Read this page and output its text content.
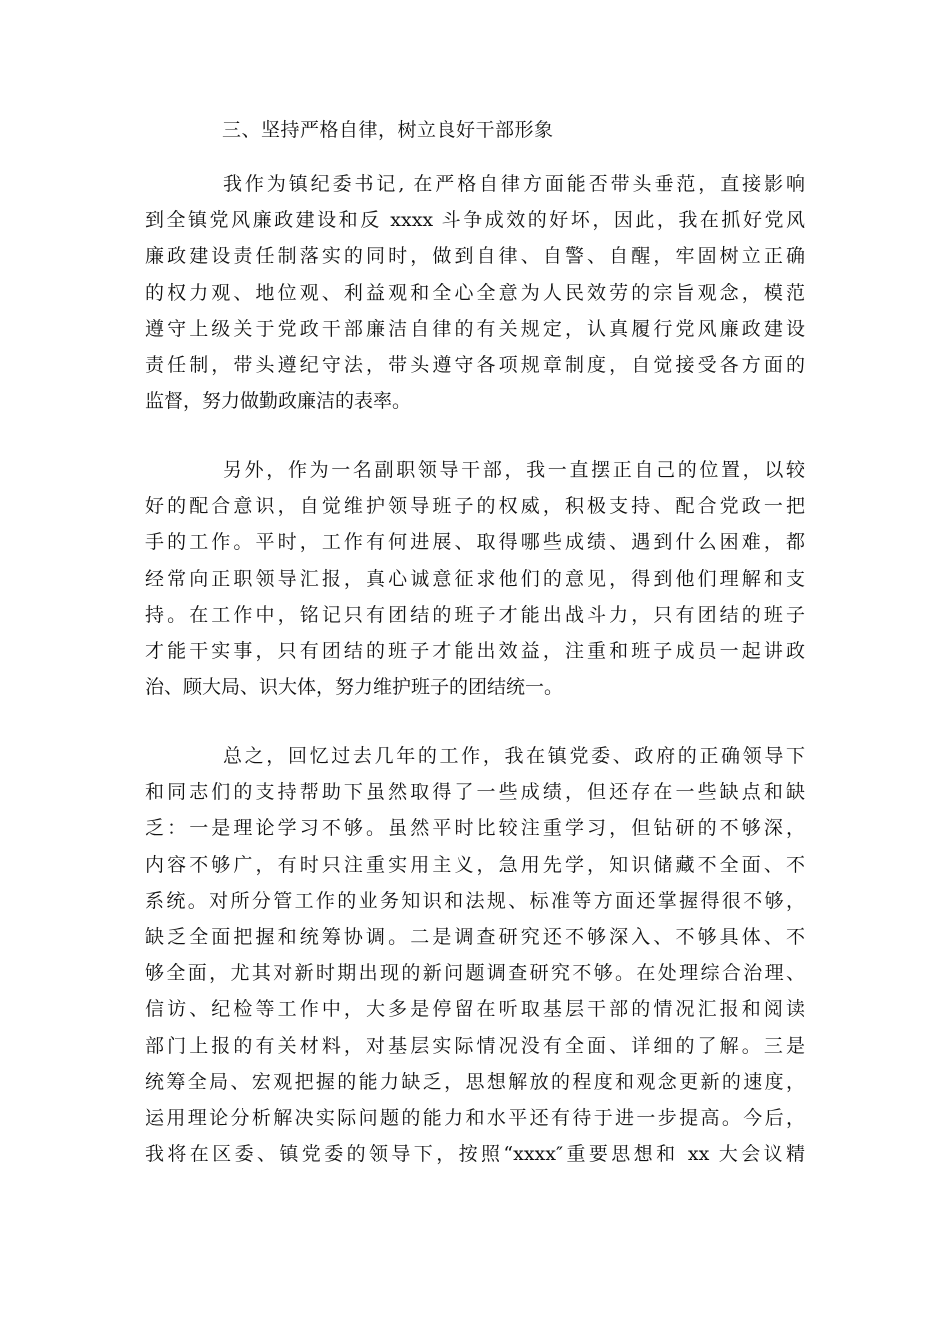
三、坚持严格自律，树立良好干部形象
我作为镇纪委书记, 在严格自律方面能否带头垂范，直接影响
到全镇党风廉政建设和反 xxxx 斗争成效的好坏，因此，我在抓好党风
廉政建设责任制落实的同时，做到自律、自警、自醒，牢固树立正确
的权力观、地位观、利益观和全心全意为人民效劳的宗旨观念，模范
遵守上级关于党政干部廉洁自律的有关规定，认真履行党风廉政建设
责任制，带头遵纪守法，带头遵守各项规章制度，自觉接受各方面的
监督，努力做勤政廉洁的表率。
另外，作为一名副职领导干部，我一直摆正自己的位置，以较
好的配合意识，自觉维护领导班子的权威，积极支持、配合党政一把
手的工作。平时，工作有何进展、取得哪些成绩、遇到什么困难，都
经常向正职领导汇报，真心诚意征求他们的意见，得到他们理解和支
持。在工作中，铭记只有团结的班子才能出战斗力，只有团结的班子
才能干实事，只有团结的班子才能出效益，注重和班子成员一起讲政
治、顾大局、识大体，努力维护班子的团结统一。
总之，回忆过去几年的工作，我在镇党委、政府的正确领导下
和同志们的支持帮助下虽然取得了一些成绩，但还存在一些缺点和缺
乏：一是理论学习不够。虽然平时比较注重学习，但钻研的不够深，
内容不够广，有时只注重实用主义，急用先学，知识储藏不全面、不
系统。对所分管工作的业务知识和法规、标准等方面还掌握得很不够，
缺乏全面把握和统筹协调。二是调查研究还不够深入、不够具体、不
够全面，尤其对新时期出现的新问题调查研究不够。在处理综合治理、
信访、纪检等工作中，大多是停留在听取基层干部的情况汇报和阅读
部门上报的有关材料，对基层实际情况没有全面、详细的了解。三是
统筹全局、宏观把握的能力缺乏，思想解放的程度和观念更新的速度，
运用理论分析解决实际问题的能力和水平还有待于进一步提高。今后，
我将在区委、镇党委的领导下，按照“xxxx″重要思想和 xx 大会议精
